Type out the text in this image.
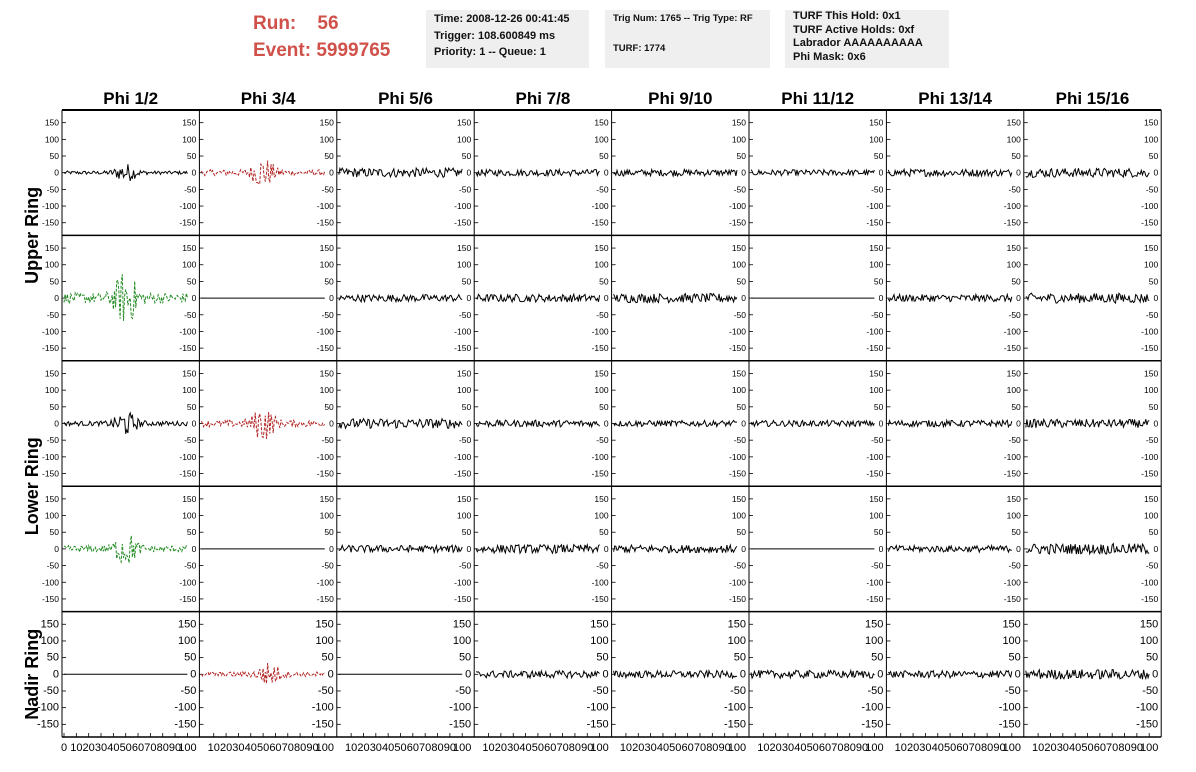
Run: 56
Event: 5999765
Time: 2008-12-26 00:41:45
Trigger: 108.600849 ms
Priority: 1 -- Queue: 1
Trig Num: 1765 -- Trig Type: RF
TURF: 1774
TURF This Hold: 0x1
TURF Active Holds: 0xf
Labrador AAAAAAAAAA
Phi Mask: 0x6
Phi 1/2	Phi 3/4	Phi 5/6	Phi 7/8	Phi 9/10	Phi 11/12	Phi 13/14	Phi 15/16
Upper Ring
Lower Ring
Nadir Ring
150	150
100	100
50	50
0	0
-50	-50
-100	-100
-150	-150
150
100
50
0
-50
-100
-150
150
100
50
0
-50
-100
-150
150
100
50
0
-50
-100
-150
150
100
50
0
-50
-100
-150
150
100
50
0
-50
-100
-150
150
100
50
0
-50
-100
-150
150
100
50
0
-50
-100
-150
150	150
100	100
50	50
0	0
-50	-50
-100	-100
-150	-150
150
100
50
0
-50
-100
-150
150
100
50
0
-50
-100
-150
150
100
50
0
-50
-100
-150
150
100
50
0
-50
-100
-150
150
100
50
0
-50
-100
-150
150
100
50
0
-50
-100
-150
150
100
50
0
-50
-100
-150
150	150
100	100
50	50
0	0
-50	-50
-100	-100
-150	-150
150
100
50
0
-50
-100
-150
150
100
50
0
-50
-100
-150
150
100
50
0
-50
-100
-150
150
100
50
0
-50
-100
-150
150
100
50
0
-50
-100
-150
150
100
50
0
-50
-100
-150
150
100
50
0
-50
-100
-150
150	150
100	100
50	50
0	0
-50	-50
-100	-100
-150	-150
150
100
50
0
-50
-100
-150
150
100
50
0
-50
-100
-150
150
100
50
0
-50
-100
-150
150
100
50
0
-50
-100
-150
150
100
50
0
-50
-100
-150
150
100
50
0
-50
-100
-150
150
100
50
0
-50
-100
-150
150	150
100	100
50	50
0	0
-50	-50
-100	-100
-150	-150
150
100
50
0
-50
-100
-150
150
100
50
0
-50
-100
-150
150
100
50
0
-50
-100
-150
150
100
50
0
-50
-100
-150
150
100
50
0
-50
-100
-150
150
100
50
0
-50
-100
-150
150
100
50
0
-50
-100
-150
0 10 20 30 40 50 60 70 80 90
100 10 20 30 40 50 60 70 80 90
100 10 20 30 40 50 60 70 80 90
100 10 20 30 40 50 60 70 80 90
100 10 20 30 40 50 60 70 80 90
100 10 20 30 40 50 60 70 80 90
100 10 20 30 40 50 60 70 80 90
100 10 20 30 40 50 60 70 80 90
100
